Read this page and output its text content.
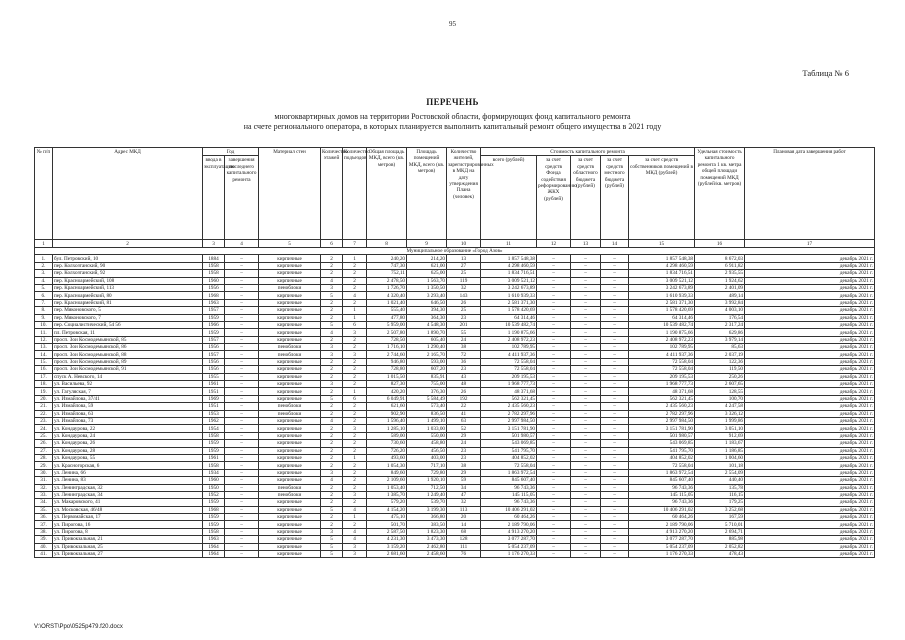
95
Таблица № 6
ПЕРЕЧЕНЬ
многоквартирных домов на территории Ростовской области, формирующих фонд капитального ремонта
на счете регионального оператора, в которых планируется выполнить капитальный ремонт общего имущества в 2021 году
№ п/п	Адрес МКД	Год		Материал стен	Количество этажей	Количество подъездов	Общая площадь МКД, всего (кв. метров)	Площадь помещений МКД, всего (кв. метров)	Количество жителей, зарегистрированных в МКД на дату утверждения Плана (человек)	Стоимость капитального ремонта					Удельная стоимость капитального ремонта 1 кв. метра общей площади помещений МКД (рублей/кв. метров)	Плановая дата завершения работ
		ввода в эксплуатацию	завершения последнего капитального ремонта							всего (рублей)	за счет средств Фонда содействия реформированию ЖКХ (рублей)	за счет средств областного бюджета (рублей)	за счет средств местного бюджета (рублей)	за счет средств собственников помещений в МКД (рублей)		
1	2	3	4	5	6	7	8	9	10	11	12	13	14	15	16	17
Муниципальное образование «Город Азов»																
1.	бул. Петровский, 10	1884	–	кирпичные	2	1	240,20	214,20	13	1 857 548,38	–	–	–	1 857 548,38	8 672,03	декабрь 2021 г.
2.	пер. Колхозтанский, 90	1958	–	кирпичные	2	2	747,30	621,00	27	4 298 460,59	–	–	–	4 298 460,59	6 911,82	декабрь 2021 г.
3.	пер. Колхозтанский, 92	1958	–	кирпичные	2	2	752,11	625,00	25	1 834 716,51	–	–	–	1 834 716,51	2 935,55	декабрь 2021 г.
4.	пер. Красноармейский, 108	1960	–	кирпичные	4	2	2 478,50	1 563,70	119	3 009 521,12	–	–	–	3 009 521,12	1 924,62	декабрь 2021 г.
5.	пер. Красноармейский, 113	1956	–	пеноблоки	3	2	1 726,70	1 350,50	32	3 242 673,89	–	–	–	3 242 673,89	2 401,09	декабрь 2021 г.
6.	пер. Красноармейский, 80	1968	–	кирпичные	5	4	4 320,40	3 293,40	143	1 610 939,33	–	–	–	1 610 939,33	489,14	декабрь 2021 г.
7.	пер. Красноармейский, 81	1963	–	кирпичные	2	2	1 021,40	646,50	26	2 581 371,30	–	–	–	2 581 371,30	3 992,84	декабрь 2021 г.
8.	пер. Мяконовского, 5	1957	–	кирпичные	2	1	555,40	394,30	25	1 578 420,69	–	–	–	1 578 420,69	4 003,10	декабрь 2021 г.
9.	пер. Мяконовского, 7	1959	–	кирпичные	2	1	477,80	364,30	23	64 314,46	–	–	–	64 314,46	176,54	декабрь 2021 г.
10.	пер. Социалистический, 54 56	1966	–	кирпичные	5	6	5 959,00	4 548,30	201	10 539 482,74	–	–	–	10 539 482,74	2 317,24	декабрь 2021 г.
11.	пл. Петровская, 11	1959	–	кирпичные	4	3	2 507,80	1 890,70	55	1 190 875,66	–	–	–	1 190 875,66	629,86	декабрь 2021 г.
12.	просп. Зои Космодемьянской, 85	1957	–	кирпичные	2	2	728,50	605,40	24	2 408 972,23	–	–	–	2 408 972,23	3 979,14	декабрь 2021 г.
13.	просп. Зои Космодемьянской, 86	1956	–	пеноблоки	3	2	1 716,10	1 290,40	38	102 789,95	–	–	–	102 789,95	85,63	декабрь 2021 г.
14.	просп. Зои Космодемьянской, 88	1957	–	пеноблоки	3	3	2 744,60	2 165,70	72	4 411 937,36	–	–	–	4 411 937,36	2 037,19	декабрь 2021 г.
15.	просп. Зои Космодемьянской, 89	1956	–	кирпичные	2	2	946,80	593,00	36	72 558,04	–	–	–	72 558,04	122,36	декабрь 2021 г.
16.	просп. Зои Космодемьянской, 91	1956	–	кирпичные	2	2	728,80	607,20	23	72 558,04	–	–	–	72 558,04	119,50	декабрь 2021 г.
17.	спуск А. Невского, 14	1955	–	кирпичные	2	2	1 015,50	835,91	43	209 195,53	–	–	–	209 195,53	250,26	декабрь 2021 г.
18.	ул. Васильева, 92	1961	–	кирпичные	3	2	827,30	755,00	48	1 968 777,73	–	–	–	1 968 777,73	2 607,65	декабрь 2021 г.
19.	ул. Гагуляская, 7	1951	–	кирпичные	2	1	420,20	376,30	26	48 371,68	–	–	–	48 371,68	128,55	декабрь 2021 г.
20.	ул. Измайлова, 37/41	1969	–	кирпичные	5	6	6 049,91	5 584,49	192	562 321,45	–	–	–	562 321,45	100,70	декабрь 2021 г.
21.	ул. Измайлова, 59	1951	–	пеноблоки	2	2	621,60	573,40	22	2 435 560,23	–	–	–	2 435 560,23	4 247,58	декабрь 2021 г.
22.	ул. Измайлова, 63	1953	–	пеноблоки	2	2	902,90	836,50	41	2 782 297,96	–	–	–	2 782 297,96	3 326,12	декабрь 2021 г.
23.	ул. Измайлова, 73	1962	–	кирпичные	4	2	1 596,40	1 499,10	63	2 997 984,50	–	–	–	2 997 984,50	1 999,86	декабрь 2021 г.
24.	ул. Кондаурова, 22	1954	–	кирпичные	2	3	1 285,10	1 033,00	52	3 151 781,90	–	–	–	3 151 781,90	3 051,10	декабрь 2021 г.
25.	ул. Кондаурова, 24	1958	–	кирпичные	2	2	589,00	550,00	29	501 980,57	–	–	–	501 980,57	912,69	декабрь 2021 г.
26.	ул. Кондаурова, 26	1959	–	кирпичные	2	2	730,60	458,80	24	543 069,85	–	–	–	543 069,85	1 183,67	декабрь 2021 г.
27.	ул. Кондаурова, 28	1959	–	кирпичные	2	2	726,20	456,50	23	541 795,70	–	–	–	541 795,70	1 186,85	декабрь 2021 г.
28.	ул. Кондаурова, 55	1961	–	кирпичные	2	1	493,60	403,00	23	404 852,02	–	–	–	404 852,02	1 004,60	декабрь 2021 г.
29.	ул. Красногорская, 6	1958	–	кирпичные	2	2	1 054,30	717,10	38	72 558,04	–	–	–	72 558,04	101,18	декабрь 2021 г.
30.	ул. Ленина, 66	1934	–	кирпичные	3	2	849,60	729,80	29	1 863 972,54	–	–	–	1 863 972,54	2 554,09	декабрь 2021 г.
31.	ул. Ленина, 83	1960	–	кирпичные	4	2	2 109,60	1 920,10	59	845 607,40	–	–	–	845 607,40	440,40	декабрь 2021 г.
32.	ул. Ленинградская, 32	1950	–	пеноблоки	2	2	1 053,40	712,50	34	96 743,36	–	–	–	96 743,36	135,78	декабрь 2021 г.
33.	ул. Ленинградская, 34	1952	–	пеноблоки	2	3	1 385,70	1 249,40	47	145 115,05	–	–	–	145 115,05	116,15	декабрь 2021 г.
34.	ул. Макаровского, 41	1959	–	кирпичные	2	2	579,20	539,70	32	96 743,36	–	–	–	96 743,36	179,25	декабрь 2021 г.
35.	ул. Московская, 46/48	1968	–	кирпичные	5	4	4 154,20	3 199,30	113	10 406 291,02	–	–	–	10 406 291,02	3 252,68	декабрь 2021 г.
36.	ул. Первомайская, 17	1959	–	кирпичные	2	1	475,10	366,80	20	60 464,26	–	–	–	60 464,26	167,59	декабрь 2021 г.
37.	ул. Пирогова, 16	1959	–	кирпичные	2	2	501,70	383,50	14	2 189 790,06	–	–	–	2 189 790,06	5 710,01	декабрь 2021 г.
38.	ул. Пирогова, 8	1958	–	кирпичные	3	4	2 587,50	1 823,30	68	4 913 270,20	–	–	–	4 913 270,20	2 694,71	декабрь 2021 г.
39.	ул. Привокзальная, 21	1963	–	кирпичные	5	4	4 231,30	3 473,30	128	3 077 287,70	–	–	–	3 077 287,70	885,98	декабрь 2021 г.
40.	ул. Привокзальная, 25	1964	–	кирпичные	5	3	3 159,20	2 462,80	111	5 054 237,09	–	–	–	5 054 237,09	2 052,82	декабрь 2021 г.
41.	ул. Привокзальная, 27	1964	–	кирпичные	5	3	2 681,60	2 458,60	76	1 176 270,33	–	–	–	1 176 270,33	478,43	декабрь 2021 г.
V:\ORST\Ppo\0525p479.f20.docx
